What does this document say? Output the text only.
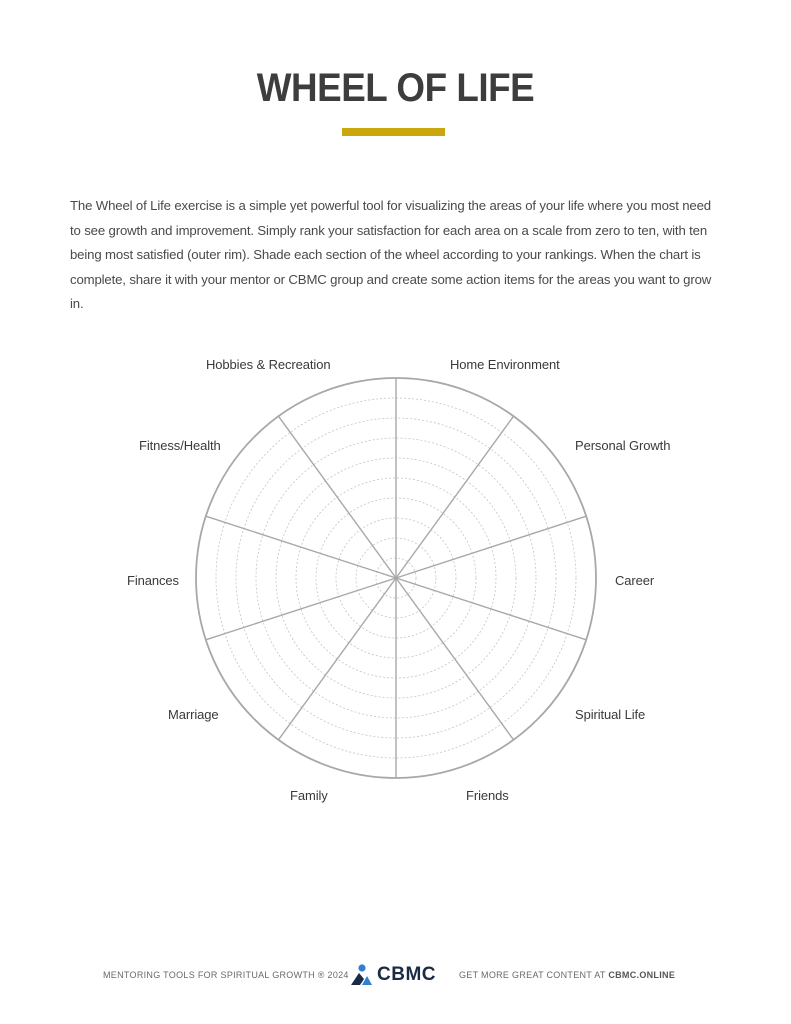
WHEEL OF LIFE

The Wheel of Life exercise is a simple yet powerful tool for visualizing the areas of your life where you most need to see growth and improvement. Simply rank your satisfaction for each area on a scale from zero to ten, with ten being most satisfied (outer rim). Shade each section of the wheel according to your rankings. When the chart is complete, share it with your mentor or CBMC group and create some action items for the areas you want to grow in.

Home Environment
Personal Growth
Career
Spiritual Life
Friends
Family
Marriage
Finances
Fitness/Health
Hobbies & Recreation
MENTORING TOOLS FOR SPIRITUAL GROWTH ® 2024 CBMC	GET MORE GREAT CONTENT AT CBMC.ONLINE
